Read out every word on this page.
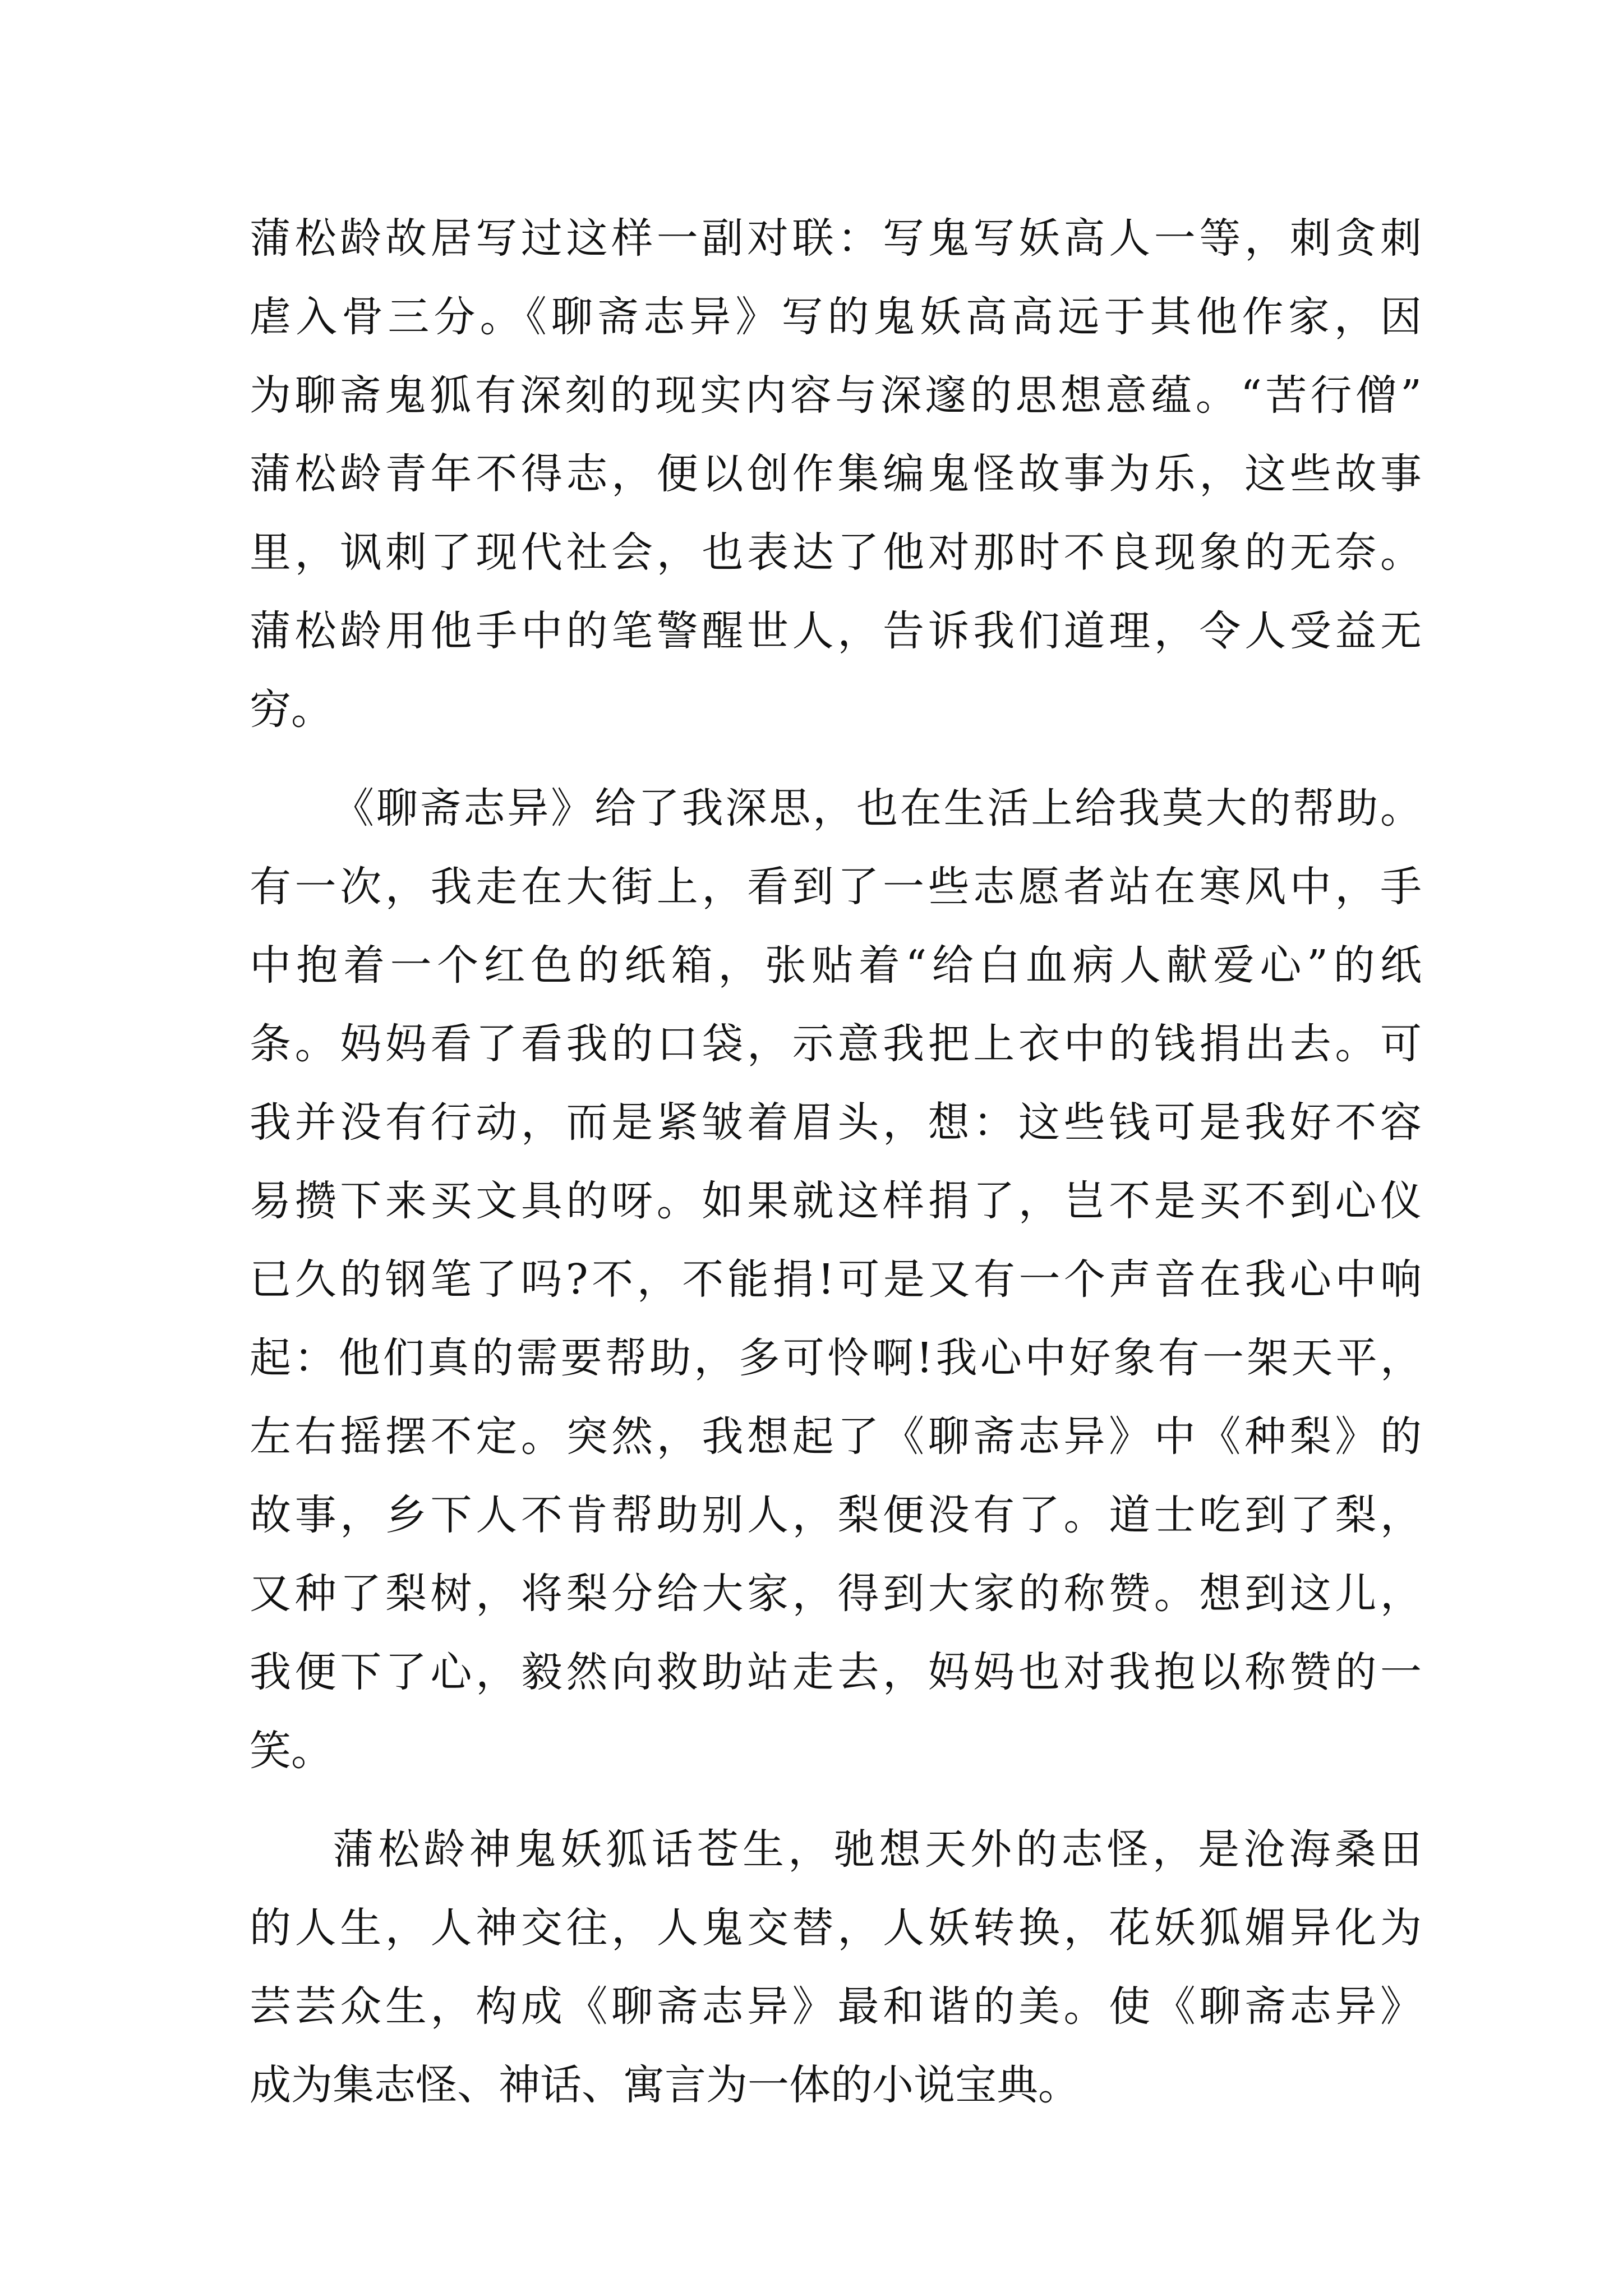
蒲松龄故居写过这样一副对联：写鬼写妖高人一等，刺贪刺
虐入骨三分。《聊斋志异》写的鬼妖高高远于其他作家，因
为聊斋鬼狐有深刻的现实内容与深邃的思想意蕴。“苦行僧”
蒲松龄青年不得志，便以创作集编鬼怪故事为乐，这些故事
里，讽刺了现代社会，也表达了他对那时不良现象的无奈。
蒲松龄用他手中的笔警醒世人，告诉我们道理，令人受益无
穷。
《聊斋志异》给了我深思，也在生活上给我莫大的帮助。
有一次，我走在大街上，看到了一些志愿者站在寒风中，手
中抱着一个红色的纸箱，张贴着“给白血病人献爱心”的纸
条。妈妈看了看我的口袋，示意我把上衣中的钱捐出去。可
我并没有行动，而是紧皱着眉头，想：这些钱可是我好不容
易攒下来买文具的呀。如果就这样捐了，岂不是买不到心仪
已久的钢笔了吗?不，不能捐!可是又有一个声音在我心中响
起：他们真的需要帮助，多可怜啊!我心中好象有一架天平，
左右摇摆不定。突然，我想起了《聊斋志异》中《种梨》的
故事，乡下人不肯帮助别人，梨便没有了。道士吃到了梨，
又种了梨树，将梨分给大家，得到大家的称赞。想到这儿，
我便下了心，毅然向救助站走去，妈妈也对我抱以称赞的一
笑。
蒲松龄神鬼妖狐话苍生，驰想天外的志怪，是沧海桑田
的人生，人神交往，人鬼交替，人妖转换，花妖狐媚异化为
芸芸众生，构成《聊斋志异》最和谐的美。使《聊斋志异》
成为集志怪、神话、寓言为一体的小说宝典。
